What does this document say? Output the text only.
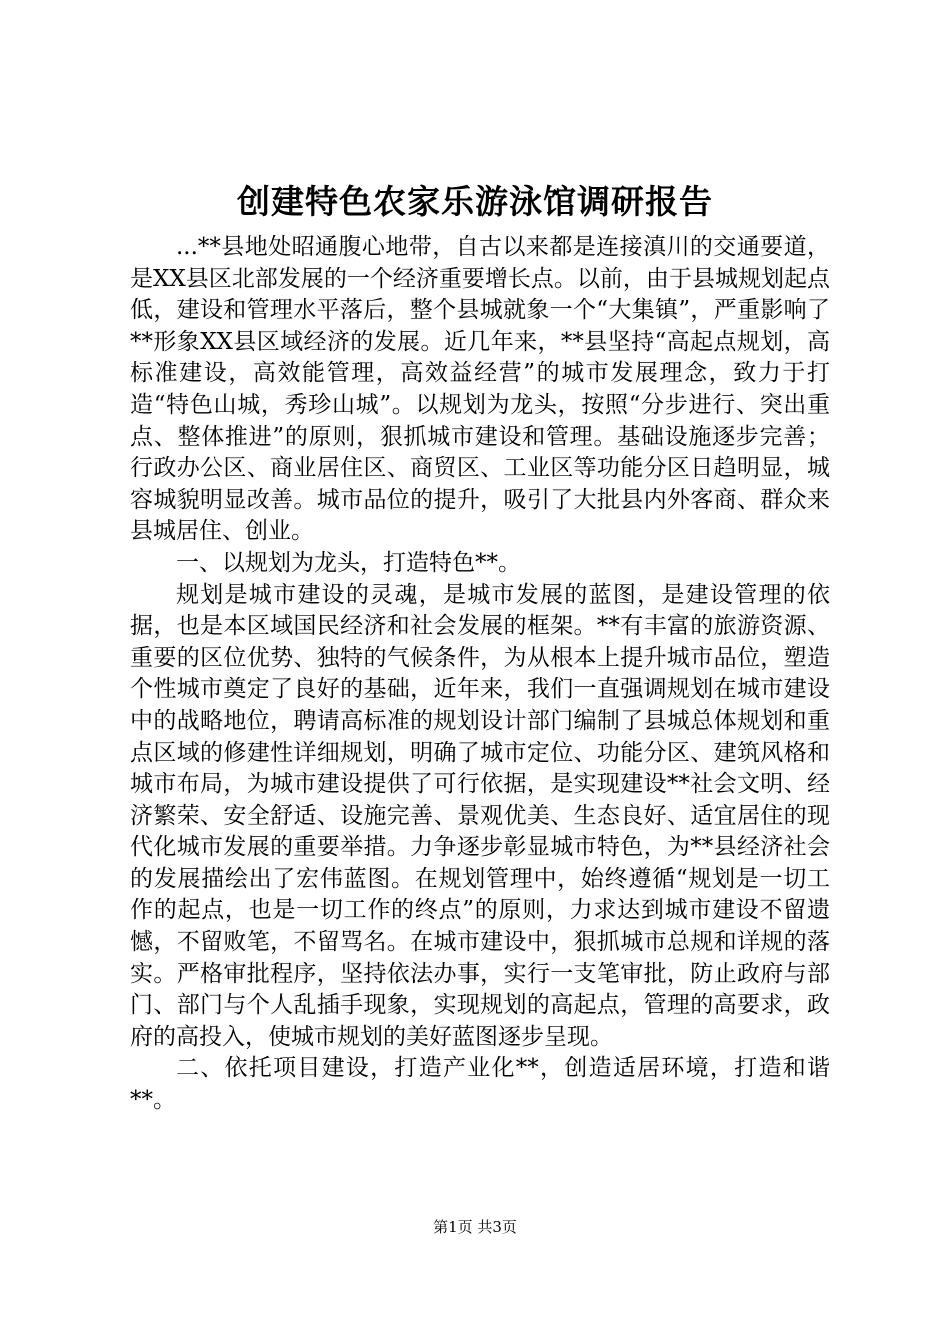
创建特色农家乐游泳馆调研报告

...**县地处昭通腹心地带，自古以来都是连接滇川的交通要道，是XX县区北部发展的一个经济重要增长点。以前，由于县城规划起点低，建设和管理水平落后，整个县城就象一个“大集镇”，严重影响了**形象XX县区域经济的发展。近几年来，**县坚持“高起点规划，高标准建设，高效能管理，高效益经营”的城市发展理念，致力于打造“特色山城，秀珍山城”。以规划为龙头，按照“分步进行、突出重点、整体推进”的原则，狠抓城市建设和管理。基础设施逐步完善；行政办公区、商业居住区、商贸区、工业区等功能分区日趋明显，城容城貌明显改善。城市品位的提升，吸引了大批县内外客商、群众来县城居住、创业。

一、以规划为龙头，打造特色**。

规划是城市建设的灵魂，是城市发展的蓝图，是建设管理的依据，也是本区域国民经济和社会发展的框架。**有丰富的旅游资源、重要的区位优势、独特的气候条件，为从根本上提升城市品位，塑造个性城市奠定了良好的基础，近年来，我们一直强调规划在城市建设中的战略地位，聘请高标准的规划设计部门编制了县城总体规划和重点区域的修建性详细规划，明确了城市定位、功能分区、建筑风格和城市布局，为城市建设提供了可行依据，是实现建设**社会文明、经济繁荣、安全舒适、设施完善、景观优美、生态良好、适宜居住的现代化城市发展的重要举措。力争逐步彰显城市特色，为**县经济社会的发展描绘出了宏伟蓝图。在规划管理中，始终遵循“规划是一切工作的起点，也是一切工作的终点”的原则，力求达到城市建设不留遗憾，不留败笔，不留骂名。在城市建设中，狠抓城市总规和详规的落实。严格审批程序，坚持依法办事，实行一支笔审批，防止政府与部门、部门与个人乱插手现象，实现规划的高起点，管理的高要求，政府的高投入，使城市规划的美好蓝图逐步呈现。

二、依托项目建设，打造产业化**，创造适居环境，打造和谐**。

第1页 共3页
